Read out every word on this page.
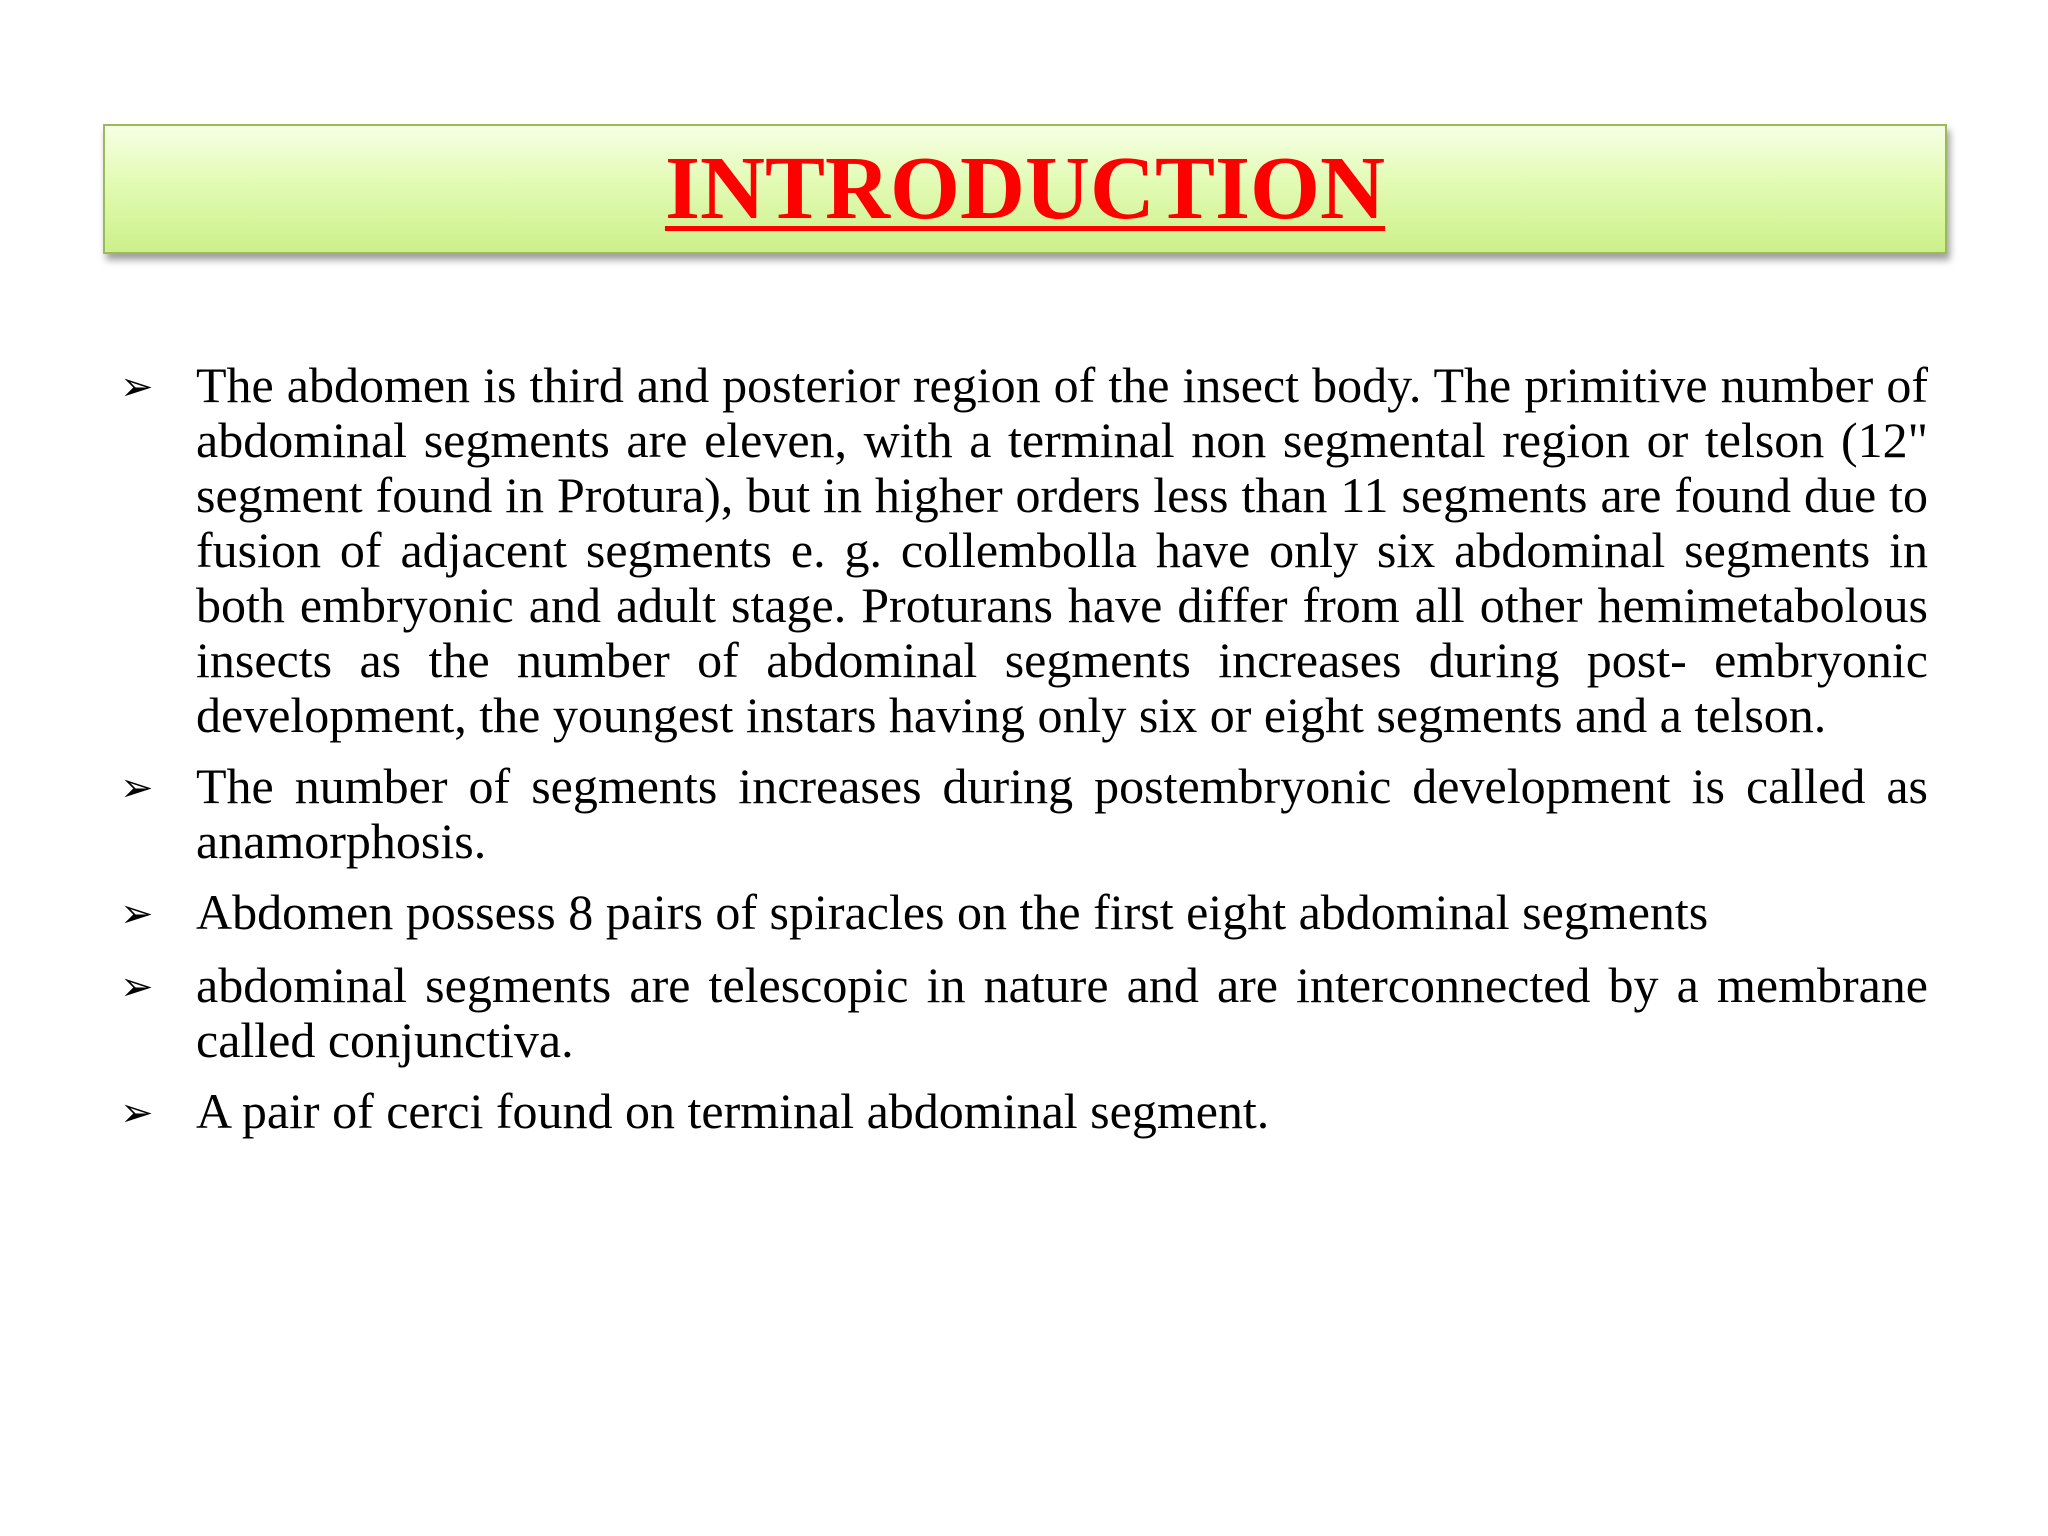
INTRODUCTION
➢ The abdomen is third and posterior region of the insect body. The primitive number of abdominal segments are eleven, with a terminal non segmental region or telson (12" segment found in Protura), but in higher orders less than 11 segments are found due to fusion of adjacent segments e. g. collembolla have only six abdominal segments in both embryonic and adult stage. Proturans have differ from all other hemimetabolous insects as the number of abdominal segments increases during post- embryonic development, the youngest instars having only six or eight segments and a telson.
➢ The number of segments increases during postembryonic development is called as anamorphosis.
➢ Abdomen possess 8 pairs of spiracles on the first eight abdominal segments
➢ abdominal segments are telescopic in nature and are interconnected by a membrane called conjunctiva.
➢ A pair of cerci found on terminal abdominal segment.
